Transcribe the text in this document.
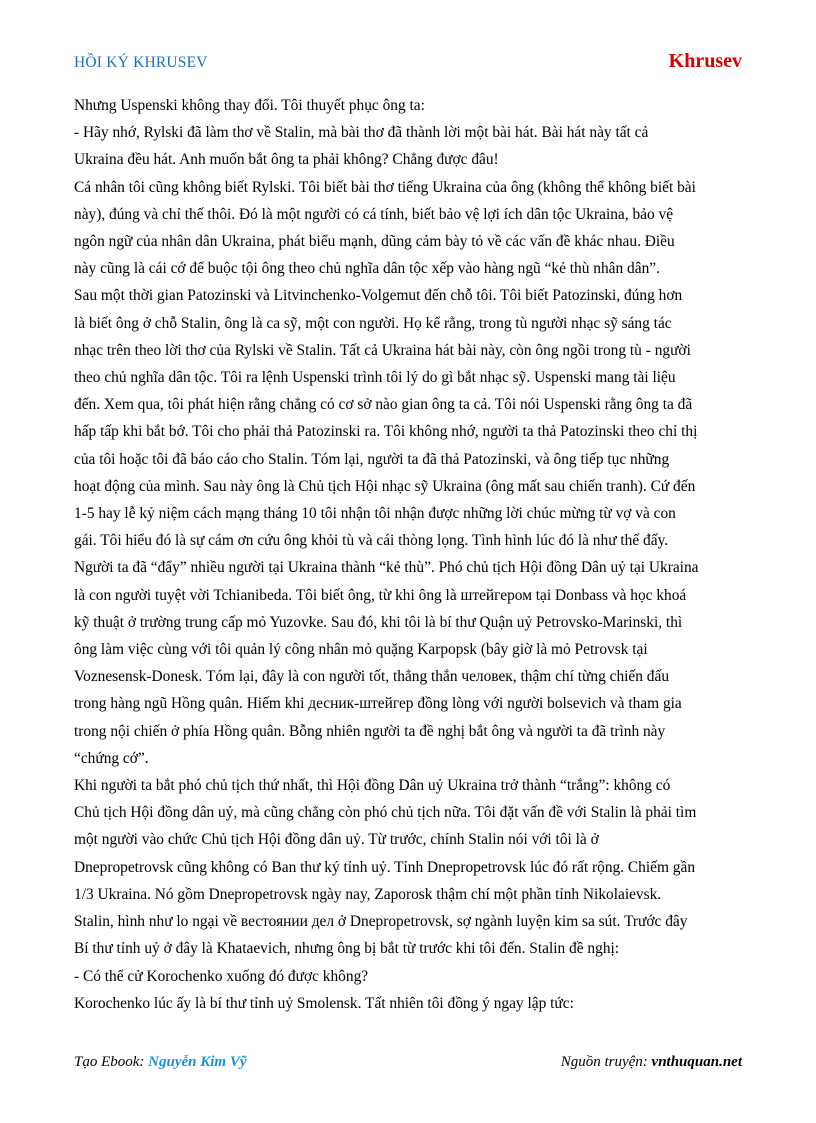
HỒI KÝ KHRUSEV	Khrusev

Nhưng Uspenski không thay đổi. Tôi thuyết phục ông ta:

- Hãy nhớ, Rylski đã làm thơ về Stalin, mà bài thơ đã thành lời một bài hát. Bài hát này tất cả

Ukraina đều hát. Anh muốn bắt ông ta phải không? Chẳng được đâu!

Cá nhân tôi cũng không biết Rylski. Tôi biết bài thơ tiếng Ukraina của ông (không thể không biết bài

này), đúng và chỉ thế thôi. Đó là một người có cá tính, biết bảo vệ lợi ích dân tộc Ukraina, bảo vệ

ngôn ngữ của nhân dân Ukraina, phát biểu mạnh, dũng cảm bày tỏ về các vấn đề khác nhau. Điều

này cũng là cái cớ để buộc tội ông theo chủ nghĩa dân tộc xếp vào hàng ngũ “kẻ thù nhân dân”.

Sau một thời gian Patozinski và Litvinchenko-Volgemut đến chỗ tôi. Tôi biết Patozinski, đúng hơn

là biết ông ở chỗ Stalin, ông là ca sỹ, một con người. Họ kể rằng, trong tù người nhạc sỹ sáng tác

nhạc trên theo lời thơ của Rylski về Stalin. Tất cả Ukraina hát bài này, còn ông ngồi trong tù - người

theo chủ nghĩa dân tộc. Tôi ra lệnh Uspenski trình tôi lý do gì bắt nhạc sỹ. Uspenski mang tài liệu

đến. Xem qua, tôi phát hiện rằng chẳng có cơ sở nào gian ông ta cả. Tôi nói Uspenski rằng ông ta đã

hấp tấp khi bắt bớ. Tôi cho phải thả Patozinski ra. Tôi không nhớ, người ta thả Patozinski theo chỉ thị

của tôi hoặc tôi đã báo cáo cho Stalin. Tóm lại, người ta đã thả Patozinski, và ông tiếp tục những

hoạt động của mình. Sau này ông là Chủ tịch Hội nhạc sỹ Ukraina (ông mất sau chiến tranh). Cứ đến

1-5 hay lễ kỷ niệm cách mạng tháng 10 tôi nhận tôi nhận được những lời chúc mừng từ vợ và con

gái. Tôi hiểu đó là sự cám ơn cứu ông khỏi tù và cái thòng lọng. Tình hình lúc đó là như thế đấy.

Người ta đã “đẩy” nhiều người tại Ukraina thành “kẻ thù”. Phó chủ tịch Hội đồng Dân uỷ tại Ukraina

là con người tuyệt vời Tchianibeda. Tôi biết ông, từ khi ông là штейгером tại Donbass và học khoá

kỹ thuật ở trường trung cấp mỏ Yuzovke. Sau đó, khi tôi là bí thư Quận uỷ Petrovsko-Marinski, thì

ông làm việc cùng với tôi quản lý công nhân mỏ quặng Karpopsk (bây giờ là mỏ Petrovsk tại

Voznesensk-Donesk. Tóm lại, đây là con người tốt, thẳng thắn человек, thậm chí từng chiến đấu

trong hàng ngũ Hồng quân. Hiếm khi десник-штейгер đồng lòng với người bolsevich và tham gia

trong nội chiến ở phía Hồng quân. Bỗng nhiên người ta đề nghị bắt ông và người ta đã trình này

“chứng cớ”.

Khi người ta bắt phó chủ tịch thứ nhất, thì Hội đồng Dân uỷ Ukraina trở thành “trắng”: không có

Chủ tịch Hội đồng dân uỷ, mà cũng chẳng còn phó chủ tịch nữa. Tôi đặt vấn đề với Stalin là phải tìm

một người vào chức Chủ tịch Hội đồng dân uỷ. Từ trước, chính Stalin nói với tôi là ở

Dnepropetrovsk cũng không có Ban thư ký tỉnh uỷ. Tỉnh Dnepropetrovsk lúc đó rất rộng. Chiếm gần

1/3 Ukraina. Nó gồm Dnepropetrovsk ngày nay, Zaporosk thậm chí một phần tỉnh Nikolaievsk.

Stalin, hình như lo ngại về вестоянии дел ở Dnepropetrovsk, sợ ngành luyện kim sa sút. Trước đây

Bí thư tỉnh uỷ ở đây là Khataevich, nhưng ông bị bắt từ trước khi tôi đến. Stalin đề nghị:

- Có thể cử Korochenko xuống đó được không?

Korochenko lúc ấy là bí thư tỉnh uỷ Smolensk. Tất nhiên tôi đồng ý ngay lập tức:

Tạo Ebook: Nguyễn Kim Vỹ	Nguồn truyện: vnthuquan.net
